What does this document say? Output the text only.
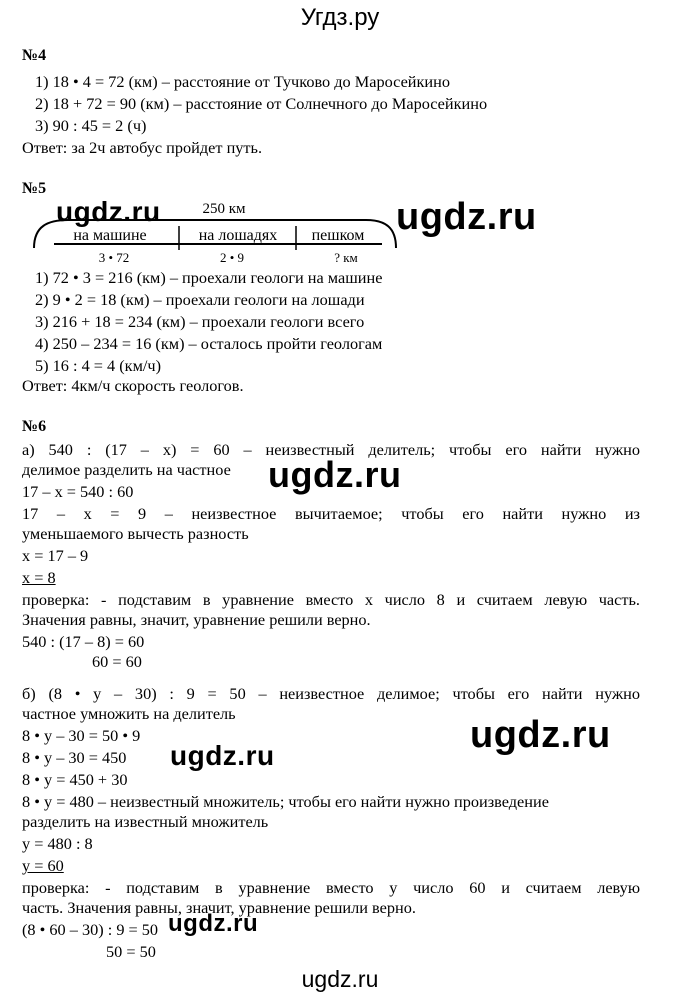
Угдз.ру
№4
1) 18 • 4 = 72 (км) – расстояние от Тучково до Маросейкино
2) 18 + 72 = 90 (км) – расстояние от Солнечного до Маросейкино
3) 90 : 45 = 2 (ч)
Ответ: за 2ч автобус пройдет путь.
№5
250 км
на машине	на лошадях пешком
3 • 72	2 • 9	? км
1) 72 • 3 = 216 (км) – проехали геологи на машине
2) 9 • 2 = 18 (км) – проехали геологи на лошади
3) 216 + 18 = 234 (км) – проехали геологи всего
4) 250 – 234 = 16 (км) – осталось пройти геологам
5) 16 : 4 = 4 (км/ч)
Ответ: 4км/ч скорость геологов.
№6
а) 540 : (17 – х) = 60 – неизвестный делитель; чтобы его найти нужно
делимое разделить на частное
17 – х = 540 : 60
17 – х = 9 – неизвестное вычитаемое; чтобы его найти нужно из
уменьшаемого вычесть разность
х = 17 – 9
х = 8
проверка: - подставим в уравнение вместо х число 8 и считаем левую часть.
Значения равны, значит, уравнение решили верно.
540 : (17 – 8) = 60
60 = 60
б) (8 • у – 30) : 9 = 50 – неизвестное делимое; чтобы его найти нужно
частное умножить на делитель
8 • у – 30 = 50 • 9
8 • у – 30 = 450
8 • у = 450 + 30
8 • у = 480 – неизвестный множитель; чтобы его найти нужно произведение
разделить на известный множитель
у = 480 : 8
у = 60
проверка: - подставим в уравнение вместо у число 60 и считаем левую
часть. Значения равны, значит, уравнение решили верно.
(8 • 60 – 30) : 9 = 50
50 = 50
ugdz.ru	ugdz.ru
ugdz.ru
ugdz.ru
ugdz.ru
ugdz.ru
ugdz.ru
